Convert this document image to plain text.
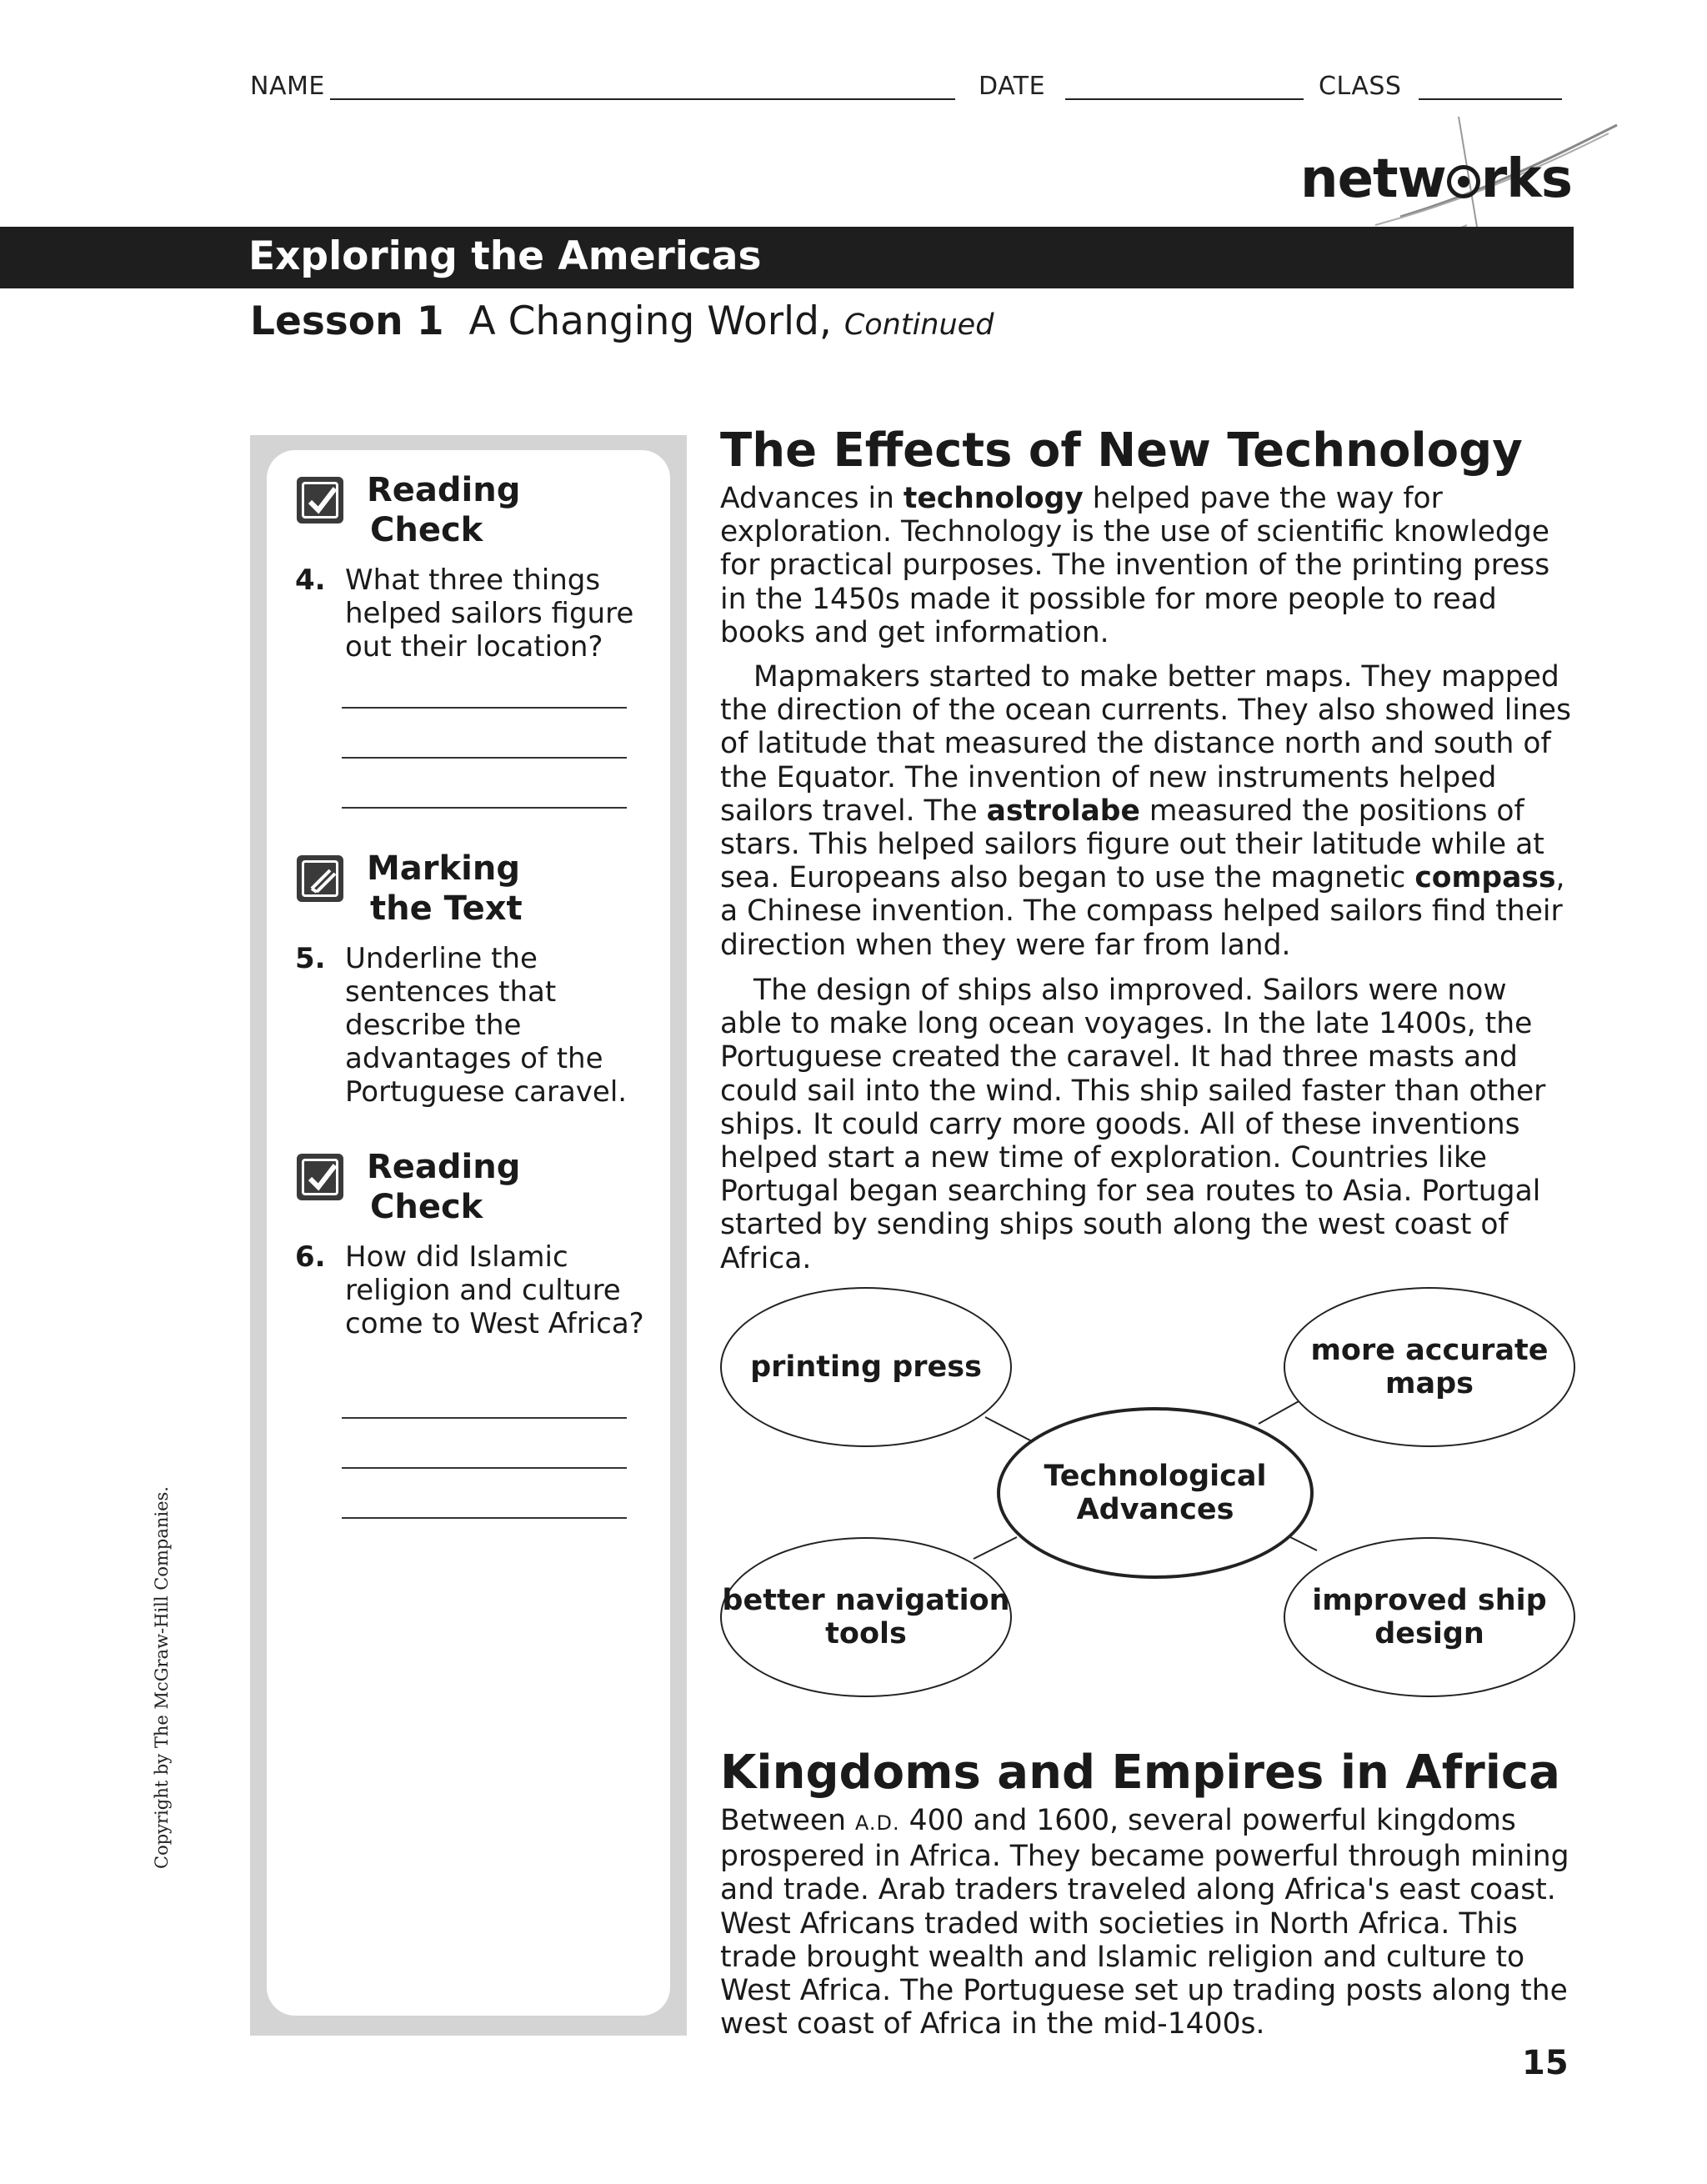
NAME	DATE	CLASS
netw rks
Exploring the Americas
Lesson 1 A Changing World, Continued
Reading
Check
4. What three things helped sailors figure out their location?
Marking
the Text
5. Underline the sentences that describe the advantages of the Portuguese caravel.
Reading
Check
6. How did Islamic religion and culture come to West Africa?
The Effects of New Technology
Advances in technology helped pave the way for exploration. Technology is the use of scientific knowledge for practical purposes. The invention of the printing press in the 1450s made it possible for more people to read books and get information.
Mapmakers started to make better maps. They mapped the direction of the ocean currents. They also showed lines of latitude that measured the distance north and south of the Equator. The invention of new instruments helped sailors travel. The astrolabe measured the positions of stars. This helped sailors figure out their latitude while at sea. Europeans also began to use the magnetic compass, a Chinese invention. The compass helped sailors find their direction when they were far from land.
The design of ships also improved. Sailors were now able to make long ocean voyages. In the late 1400s, the Portuguese created the caravel. It had three masts and could sail into the wind. This ship sailed faster than other ships. It could carry more goods. All of these inventions helped start a new time of exploration. Countries like Portugal began searching for sea routes to Asia. Portugal started by sending ships south along the west coast of Africa.
printing press	more accurate maps
Technological Advances
better navigation tools
improved ship design
Kingdoms and Empires in Africa
Between A.D. 400 and 1600, several powerful kingdoms prospered in Africa. They became powerful through mining and trade. Arab traders traveled along Africa's east coast. West Africans traded with societies in North Africa. This trade brought wealth and Islamic religion and culture to West Africa. The Portuguese set up trading posts along the west coast of Africa in the mid-1400s.
Copyright by The McGraw-Hill Companies.
15
